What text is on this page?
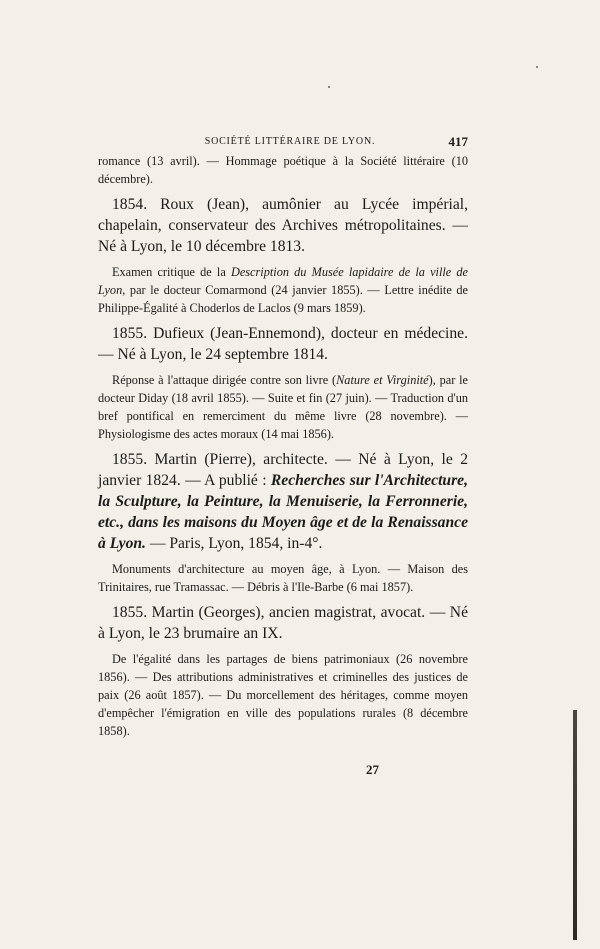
SOCIÉTÉ LITTÉRAIRE DE LYON.	417

romance (13 avril). — Hommage poétique à la Société littéraire (10 décembre).

1854. Roux (Jean), aumônier au Lycée impérial, chapelain, conservateur des Archives métropolitaines. — Né à Lyon, le 10 décembre 1813.

Examen critique de la Description du Musée lapidaire de la ville de Lyon, par le docteur Comarmond (24 janvier 1855). — Lettre inédite de Philippe-Égalité à Choderlos de Laclos (9 mars 1859).

1855. Dufieux (Jean-Ennemond), docteur en médecine. — Né à Lyon, le 24 septembre 1814.

Réponse à l'attaque dirigée contre son livre (Nature et Virginité), par le docteur Diday (18 avril 1855). — Suite et fin (27 juin). — Traduction d'un bref pontifical en remerciment du même livre (28 novembre). — Physiologisme des actes moraux (14 mai 1856).

1855. Martin (Pierre), architecte. — Né à Lyon, le 2 janvier 1824. — A publié : Recherches sur l'Architecture, la Sculpture, la Peinture, la Menuiserie, la Ferronnerie, etc., dans les maisons du Moyen âge et de la Renaissance à Lyon. — Paris, Lyon, 1854, in-4°.

Monuments d'architecture au moyen âge, à Lyon. — Maison des Trinitaires, rue Tramassac. — Débris à l'Ile-Barbe (6 mai 1857).

1855. Martin (Georges), ancien magistrat, avocat. — Né à Lyon, le 23 brumaire an IX.

De l'égalité dans les partages de biens patrimoniaux (26 novembre 1856). — Des attributions administratives et criminelles des justices de paix (26 août 1857). — Du morcellement des héritages, comme moyen d'empêcher l'émigration en ville des populations rurales (8 décembre 1858).

27
